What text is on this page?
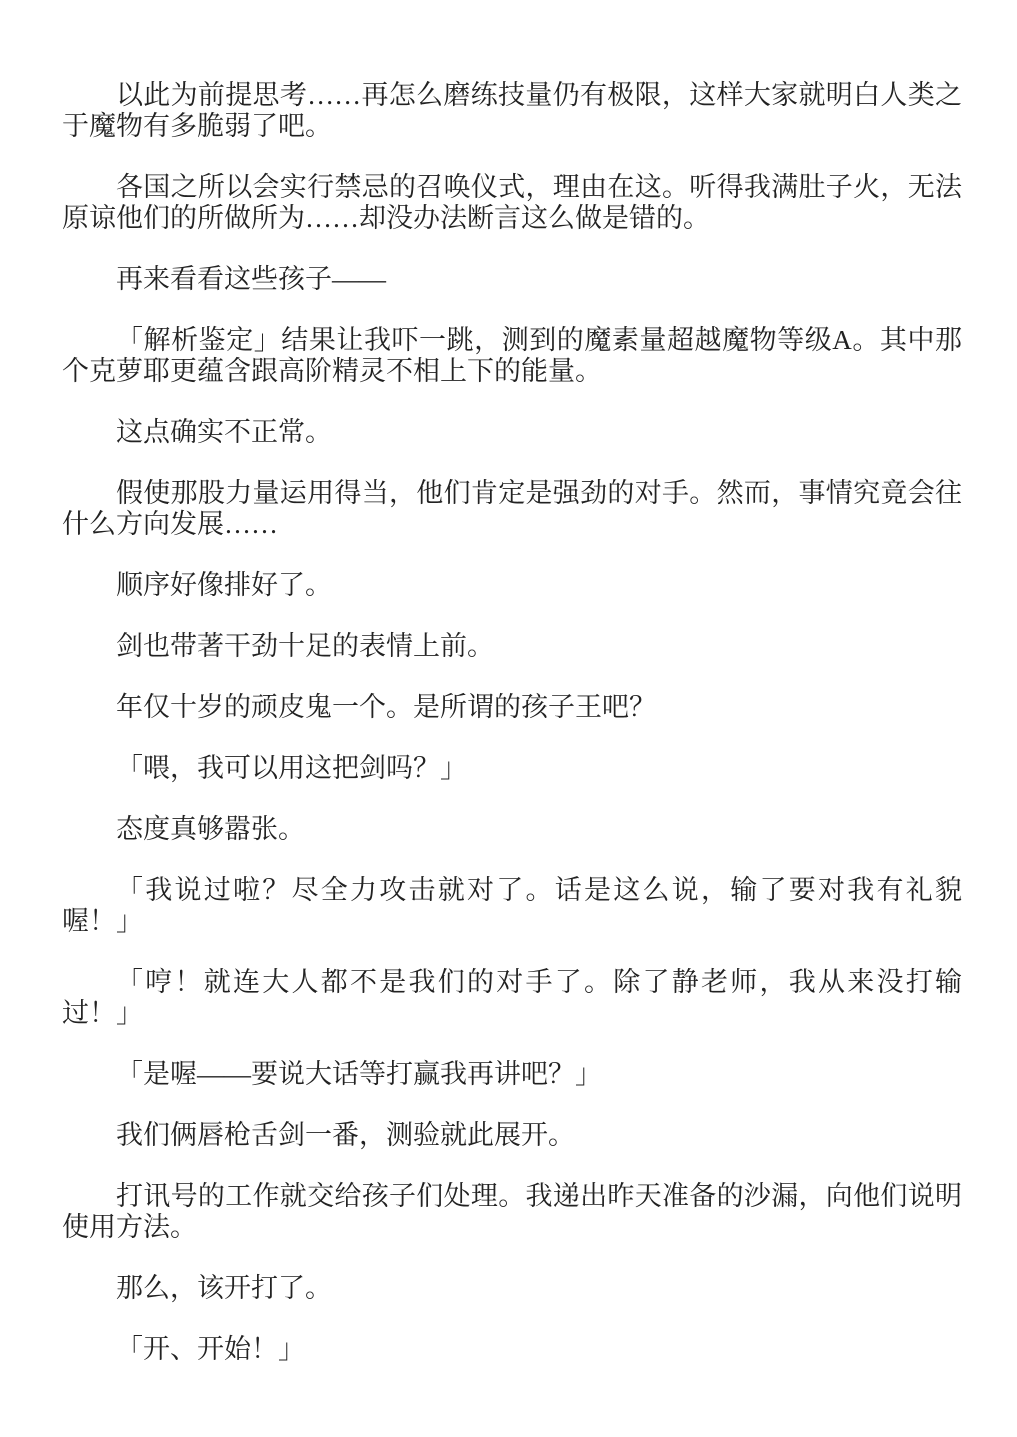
以此为前提思考……再怎么磨练技量仍有极限，这样大家就明白人类之于魔物有多脆弱了吧。

各国之所以会实行禁忌的召唤仪式，理由在这。听得我满肚子火，无法原谅他们的所做所为……却没办法断言这么做是错的。

再来看看这些孩子——

「解析鉴定」结果让我吓一跳，测到的魔素量超越魔物等级A。其中那个克萝耶更蕴含跟高阶精灵不相上下的能量。

这点确实不正常。

假使那股力量运用得当，他们肯定是强劲的对手。然而，事情究竟会往什么方向发展……

顺序好像排好了。

剑也带著干劲十足的表情上前。

年仅十岁的顽皮鬼一个。是所谓的孩子王吧？

「喂，我可以用这把剑吗？」

态度真够嚣张。

「我说过啦？尽全力攻击就对了。话是这么说，输了要对我有礼貌喔！」

「哼！就连大人都不是我们的对手了。除了静老师，我从来没打输过！」

「是喔——要说大话等打赢我再讲吧？」

我们俩唇枪舌剑一番，测验就此展开。

打讯号的工作就交给孩子们处理。我递出昨天准备的沙漏，向他们说明使用方法。

那么，该开打了。

「开、开始！」
